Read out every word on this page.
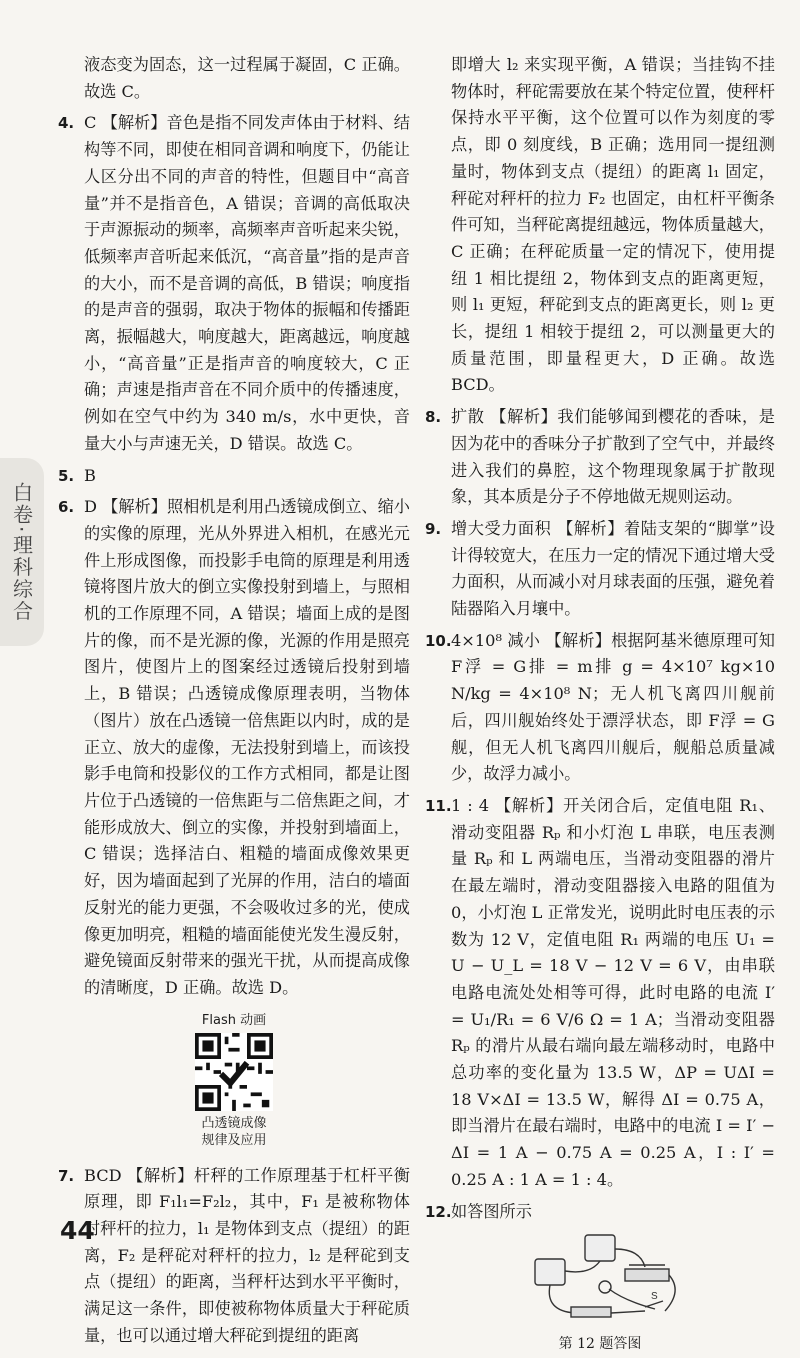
白卷·理科综合

液态变为固态，这一过程属于凝固，C 正确。故选 C。

4. C 【解析】音色是指不同发声体由于材料、结构等不同，即使在相同音调和响度下，仍能让人区分出不同的声音的特性，但题目中“高音量”并不是指音色，A 错误；音调的高低取决于声源振动的频率，高频率声音听起来尖锐，低频率声音听起来低沉，“高音量”指的是声音的大小，而不是音调的高低，B 错误；响度指的是声音的强弱，取决于物体的振幅和传播距离，振幅越大，响度越大，距离越远，响度越小，“高音量”正是指声音的响度较大，C 正确；声速是指声音在不同介质中的传播速度，例如在空气中约为 340 m/s，水中更快，音量大小与声速无关，D 错误。故选 C。
5. B
6. D 【解析】照相机是利用凸透镜成倒立、缩小的实像的原理，光从外界进入相机，在感光元件上形成图像，而投影手电筒的原理是利用透镜将图片放大的倒立实像投射到墙上，与照相机的工作原理不同，A 错误；墙面上成的是图片的像，而不是光源的像，光源的作用是照亮图片，使图片上的图案经过透镜后投射到墙上，B 错误；凸透镜成像原理表明，当物体（图片）放在凸透镜一倍焦距以内时，成的是正立、放大的虚像，无法投射到墙上，而该投影手电筒和投影仪的工作方式相同，都是让图片位于凸透镜的一倍焦距与二倍焦距之间，才能形成放大、倒立的实像，并投射到墙面上，C 错误；选择洁白、粗糙的墙面成像效果更好，因为墙面起到了光屏的作用，洁白的墙面反射光的能力更强，不会吸收过多的光，使成像更加明亮，粗糙的墙面能使光发生漫反射，避免镜面反射带来的强光干扰，从而提高成像的清晰度，D 正确。故选 D。
Flash 动画
凸透镜成像
规律及应用
7. BCD 【解析】杆秤的工作原理基于杠杆平衡原理，即 F₁l₁=F₂l₂，其中，F₁ 是被称物体对秤杆的拉力，l₁ 是物体到支点（提纽）的距离，F₂ 是秤砣对秤杆的拉力，l₂ 是秤砣到支点（提纽）的距离，当秤杆达到水平平衡时，满足这一条件，即使被称物体质量大于秤砣质量，也可以通过增大秤砣到提纽的距离

即增大 l₂ 来实现平衡，A 错误；当挂钩不挂物体时，秤砣需要放在某个特定位置，使秤杆保持水平平衡，这个位置可以作为刻度的零点，即 0 刻度线，B 正确；选用同一提纽测量时，物体到支点（提纽）的距离 l₁ 固定，秤砣对秤杆的拉力 F₂ 也固定，由杠杆平衡条件可知，当秤砣离提纽越远，物体质量越大，C 正确；在秤砣质量一定的情况下，使用提纽 1 相比提纽 2，物体到支点的距离更短，则 l₁ 更短，秤砣到支点的距离更长，则 l₂ 更长，提纽 1 相较于提纽 2，可以测量更大的质量范围，即量程更大，D 正确。故选 BCD。

8. 扩散 【解析】我们能够闻到樱花的香味，是因为花中的香味分子扩散到了空气中，并最终进入我们的鼻腔，这个物理现象属于扩散现象，其本质是分子不停地做无规则运动。
9. 增大受力面积 【解析】着陆支架的“脚掌”设计得较宽大，在压力一定的情况下通过增大受力面积，从而减小对月球表面的压强，避免着陆器陷入月壤中。
10. 4×10⁸ 减小 【解析】根据阿基米德原理可知 F浮 = G排 = m排 g = 4×10⁷ kg×10 N/kg = 4×10⁸ N；无人机飞离四川舰前后，四川舰始终处于漂浮状态，即 F浮 = G舰，但无人机飞离四川舰后，舰船总质量减少，故浮力减小。
11. 1 : 4 【解析】开关闭合后，定值电阻 R₁、滑动变阻器 Rₚ 和小灯泡 L 串联，电压表测量 Rₚ 和 L 两端电压，当滑动变阻器的滑片在最左端时，滑动变阻器接入电路的阻值为 0，小灯泡 L 正常发光，说明此时电压表的示数为 12 V，定值电阻 R₁ 两端的电压 U₁ = U − U_L = 18 V − 12 V = 6 V，由串联电路电流处处相等可得，此时电路的电流 I′ = U₁/R₁ = 6 V/6 Ω = 1 A；当滑动变阻器 Rₚ 的滑片从最右端向最左端移动时，电路中总功率的变化量为 13.5 W，ΔP = UΔI = 18 V×ΔI = 13.5 W，解得 ΔI = 0.75 A，即当滑片在最右端时，电路中的电流 I = I′ − ΔI = 1 A − 0.75 A = 0.25 A，I : I′ = 0.25 A : 1 A = 1 : 4。
12. 如答图所示
S
第 12 题答图
44
